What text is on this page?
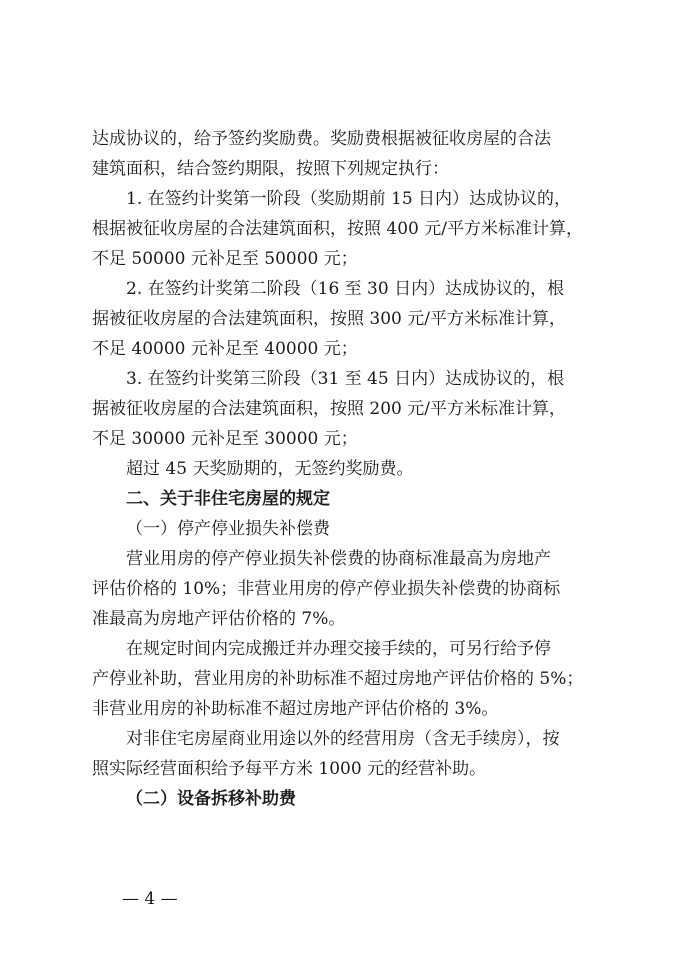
达成协议的，给予签约奖励费。奖励费根据被征收房屋的合法
建筑面积，结合签约期限，按照下列规定执行：
1. 在签约计奖第一阶段（奖励期前 15 日内）达成协议的，
根据被征收房屋的合法建筑面积，按照 400 元/平方米标准计算，
不足 50000 元补足至 50000 元；
2. 在签约计奖第二阶段（16 至 30 日内）达成协议的，根
据被征收房屋的合法建筑面积，按照 300 元/平方米标准计算，
不足 40000 元补足至 40000 元；
3. 在签约计奖第三阶段（31 至 45 日内）达成协议的，根
据被征收房屋的合法建筑面积，按照 200 元/平方米标准计算，
不足 30000 元补足至 30000 元；
超过 45 天奖励期的，无签约奖励费。
二、关于非住宅房屋的规定
（一）停产停业损失补偿费
营业用房的停产停业损失补偿费的协商标准最高为房地产
评估价格的 10%；非营业用房的停产停业损失补偿费的协商标
准最高为房地产评估价格的 7%。
在规定时间内完成搬迁并办理交接手续的，可另行给予停
产停业补助，营业用房的补助标准不超过房地产评估价格的 5%；
非营业用房的补助标准不超过房地产评估价格的 3%。
对非住宅房屋商业用途以外的经营用房（含无手续房），按
照实际经营面积给予每平方米 1000 元的经营补助。
（二）设备拆移补助费
— 4 —
